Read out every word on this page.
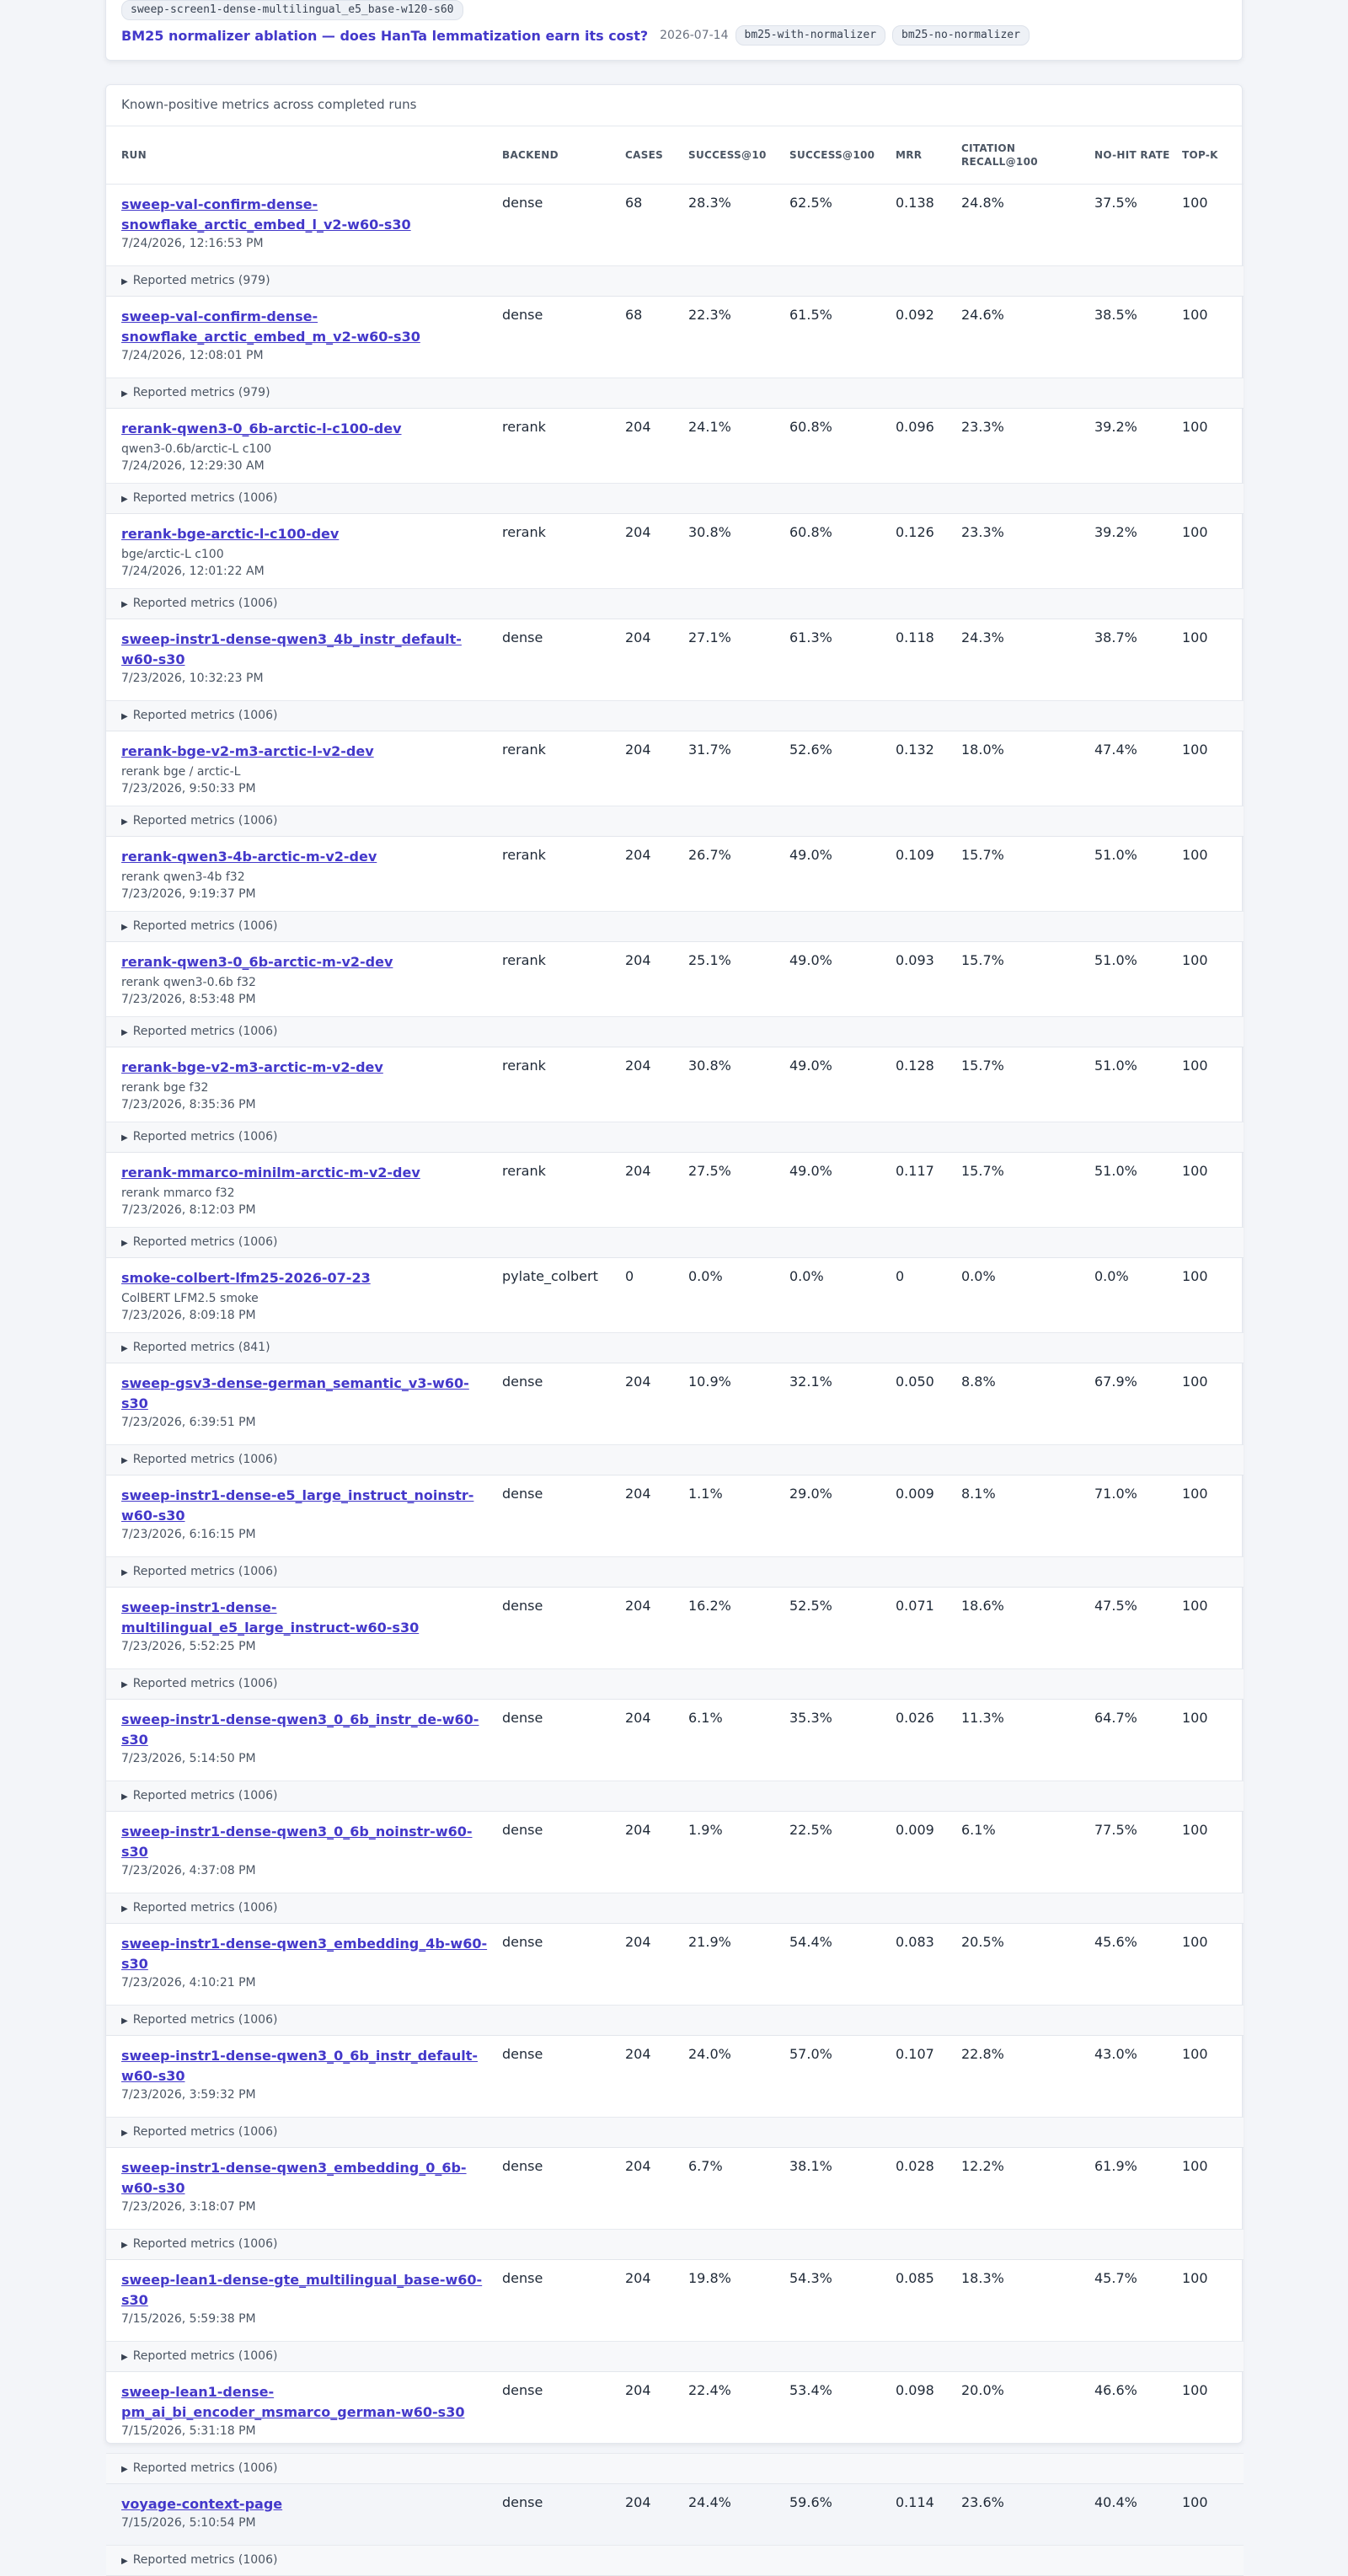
sweep-screen1-dense-multilingual_e5_base-w120-s60
BM25 normalizer ablation — does HanTa lemmatization earn its cost? 2026-07-14	bm25-with-normalizer	bm25-no-normalizer
Known-positive metrics across completed runs
RUN	BACKEND	CASES	SUCCESS@10	SUCCESS@100	MRR	CITATION RECALL@100	NO-HIT RATE	TOP-K

sweep-val-confirm-dense-snowflake_arctic_embed_l_v2-w60-s30
7/24/2026, 12:16:53 PM	dense	68	28.3%	62.5%	0.138	24.8%	37.5%	100
▶ Reported metrics (979)								

sweep-val-confirm-dense-snowflake_arctic_embed_m_v2-w60-s30
7/24/2026, 12:08:01 PM	dense	68	22.3%	61.5%	0.092	24.6%	38.5%	100
▶ Reported metrics (979)								

rerank-qwen3-0_6b-arctic-l-c100-dev
qwen3-0.6b/arctic-L c100
7/24/2026, 12:29:30 AM	rerank	204	24.1%	60.8%	0.096	23.3%	39.2%	100
▶ Reported metrics (1006)								

rerank-bge-arctic-l-c100-dev
bge/arctic-L c100
7/24/2026, 12:01:22 AM	rerank	204	30.8%	60.8%	0.126	23.3%	39.2%	100
▶ Reported metrics (1006)								

sweep-instr1-dense-qwen3_4b_instr_default-w60-s30
7/23/2026, 10:32:23 PM	dense	204	27.1%	61.3%	0.118	24.3%	38.7%	100
▶ Reported metrics (1006)								

rerank-bge-v2-m3-arctic-l-v2-dev
rerank bge / arctic-L
7/23/2026, 9:50:33 PM	rerank	204	31.7%	52.6%	0.132	18.0%	47.4%	100
▶ Reported metrics (1006)								

rerank-qwen3-4b-arctic-m-v2-dev
rerank qwen3-4b f32
7/23/2026, 9:19:37 PM	rerank	204	26.7%	49.0%	0.109	15.7%	51.0%	100
▶ Reported metrics (1006)								

rerank-qwen3-0_6b-arctic-m-v2-dev
rerank qwen3-0.6b f32
7/23/2026, 8:53:48 PM	rerank	204	25.1%	49.0%	0.093	15.7%	51.0%	100
▶ Reported metrics (1006)								

rerank-bge-v2-m3-arctic-m-v2-dev
rerank bge f32
7/23/2026, 8:35:36 PM	rerank	204	30.8%	49.0%	0.128	15.7%	51.0%	100
▶ Reported metrics (1006)								

rerank-mmarco-minilm-arctic-m-v2-dev
rerank mmarco f32
7/23/2026, 8:12:03 PM	rerank	204	27.5%	49.0%	0.117	15.7%	51.0%	100
▶ Reported metrics (1006)								

smoke-colbert-lfm25-2026-07-23
ColBERT LFM2.5 smoke
7/23/2026, 8:09:18 PM	pylate_colbert	0	0.0%	0.0%	0	0.0%	0.0%	100
▶ Reported metrics (841)								

sweep-gsv3-dense-german_semantic_v3-w60-s30
7/23/2026, 6:39:51 PM	dense	204	10.9%	32.1%	0.050	8.8%	67.9%	100
▶ Reported metrics (1006)								

sweep-instr1-dense-e5_large_instruct_noinstr-w60-s30
7/23/2026, 6:16:15 PM	dense	204	1.1%	29.0%	0.009	8.1%	71.0%	100
▶ Reported metrics (1006)								

sweep-instr1-dense-multilingual_e5_large_instruct-w60-s30
7/23/2026, 5:52:25 PM	dense	204	16.2%	52.5%	0.071	18.6%	47.5%	100
▶ Reported metrics (1006)								

sweep-instr1-dense-qwen3_0_6b_instr_de-w60-s30
7/23/2026, 5:14:50 PM	dense	204	6.1%	35.3%	0.026	11.3%	64.7%	100
▶ Reported metrics (1006)								

sweep-instr1-dense-qwen3_0_6b_noinstr-w60-s30
7/23/2026, 4:37:08 PM	dense	204	1.9%	22.5%	0.009	6.1%	77.5%	100
▶ Reported metrics (1006)								

sweep-instr1-dense-qwen3_embedding_4b-w60-s30
7/23/2026, 4:10:21 PM	dense	204	21.9%	54.4%	0.083	20.5%	45.6%	100
▶ Reported metrics (1006)								

sweep-instr1-dense-qwen3_0_6b_instr_default-w60-s30
7/23/2026, 3:59:32 PM	dense	204	24.0%	57.0%	0.107	22.8%	43.0%	100
▶ Reported metrics (1006)								

sweep-instr1-dense-qwen3_embedding_0_6b-w60-s30
7/23/2026, 3:18:07 PM	dense	204	6.7%	38.1%	0.028	12.2%	61.9%	100
▶ Reported metrics (1006)								

sweep-lean1-dense-gte_multilingual_base-w60-s30
7/15/2026, 5:59:38 PM	dense	204	19.8%	54.3%	0.085	18.3%	45.7%	100
▶ Reported metrics (1006)								

sweep-lean1-dense-pm_ai_bi_encoder_msmarco_german-w60-s30
7/15/2026, 5:31:18 PM	dense	204	22.4%	53.4%	0.098	20.0%	46.6%	100
▶ Reported metrics (1006)								

voyage-context-page
7/15/2026, 5:10:54 PM	dense	204	24.4%	59.6%	0.114	23.6%	40.4%	100
▶ Reported metrics (1006)								
